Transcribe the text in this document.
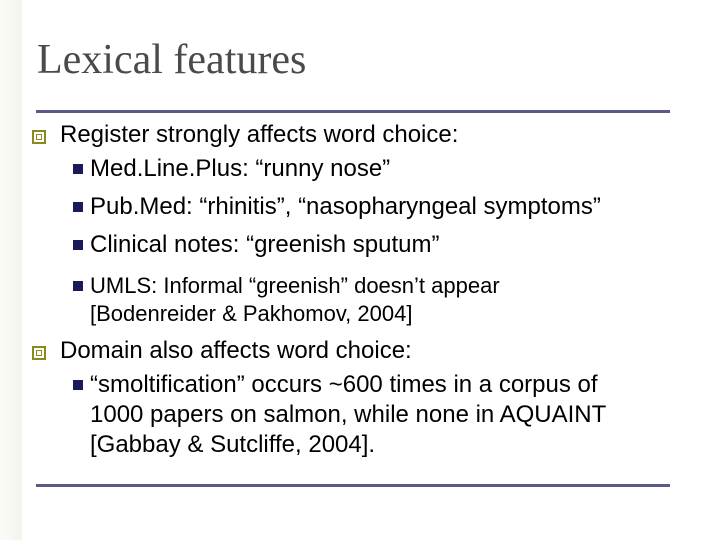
Lexical features
Register strongly affects word choice:
Med.Line.Plus: “runny nose”
Pub.Med: “rhinitis”, “nasopharyngeal symptoms”
Clinical notes: “greenish sputum”
UMLS: Informal “greenish” doesn’t appear
[Bodenreider & Pakhomov, 2004]
Domain also affects word choice:
“smoltification” occurs ~600 times in a corpus of
1000 papers on salmon, while none in AQUAINT
[Gabbay & Sutcliffe, 2004].
